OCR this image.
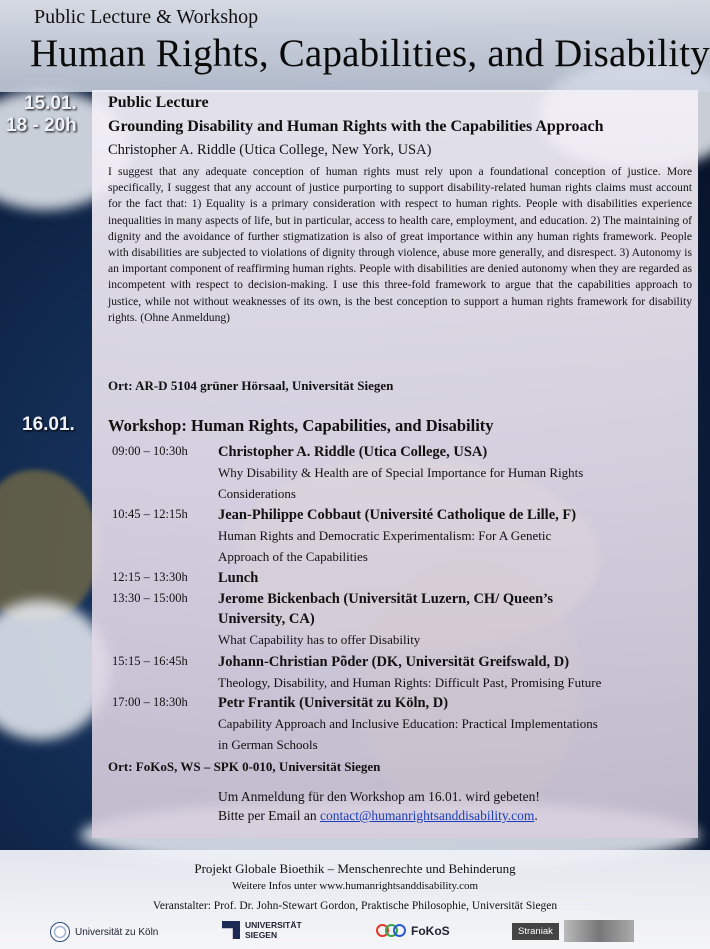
Public Lecture & Workshop
Human Rights, Capabilities, and Disability
15.01.
18 - 20h
Public Lecture
Grounding Disability and Human Rights with the Capabilities Approach
Christopher A. Riddle (Utica College, New York, USA)

I suggest that any adequate conception of human rights must rely upon a foundational conception of justice. More specifically, I suggest that any account of justice purporting to support disability-related human rights claims must account for the fact that: 1) Equality is a primary consideration with respect to human rights. People with disabilities experience inequalities in many aspects of life, but in particular, access to health care, employment, and education. 2) The maintaining of dignity and the avoidance of further stigmatization is also of great importance within any human rights framework. People with disabilities are subjected to violations of dignity through violence, abuse more generally, and disrespect. 3) Autonomy is an important component of reaffirming human rights. People with disabilities are denied autonomy when they are regarded as incompetent with respect to decision-making. I use this three-fold framework to argue that the capabilities approach to justice, while not without weaknesses of its own, is the best conception to support a human rights framework for disability rights. (Ohne Anmeldung)

Ort: AR-D 5104 grüner Hörsaal, Universität Siegen
16.01. Workshop: Human Rights, Capabilities, and Disability
09:00 – 10:30h	Christopher A. Riddle (Utica College, USA)
Why Disability & Health are of Special Importance for Human Rights
Considerations
10:45 – 12:15h	Jean-Philippe Cobbaut (Université Catholique de Lille, F)
Human Rights and Democratic Experimentalism: For A Genetic
Approach of the Capabilities
12:15 – 13:30h	Lunch
13:30 – 15:00h	Jerome Bickenbach (Universität Luzern, CH/ Queen’s
University, CA)
What Capability has to offer Disability
15:15 – 16:45h	Johann-Christian Põder (DK, Universität Greifswald, D)
Theology, Disability, and Human Rights: Difficult Past, Promising Future
17:00 – 18:30h	Petr Frantik (Universität zu Köln, D)
Capability Approach and Inclusive Education: Practical Implementations
in German Schools
Ort: FoKoS, WS – SPK 0-010, Universität Siegen
Um Anmeldung für den Workshop am 16.01. wird gebeten!
Bitte per Email an contact@humanrightsanddisability.com.
Projekt Globale Bioethik – Menschenrechte und Behinderung
Weitere Infos unter www.humanrightsanddisability.com
Veranstalter: Prof. Dr. John-Stewart Gordon, Praktische Philosophie, Universität Siegen
Universität zu Köln
UNIVERSITÄT
SIEGEN	FoKoS	Straniak
